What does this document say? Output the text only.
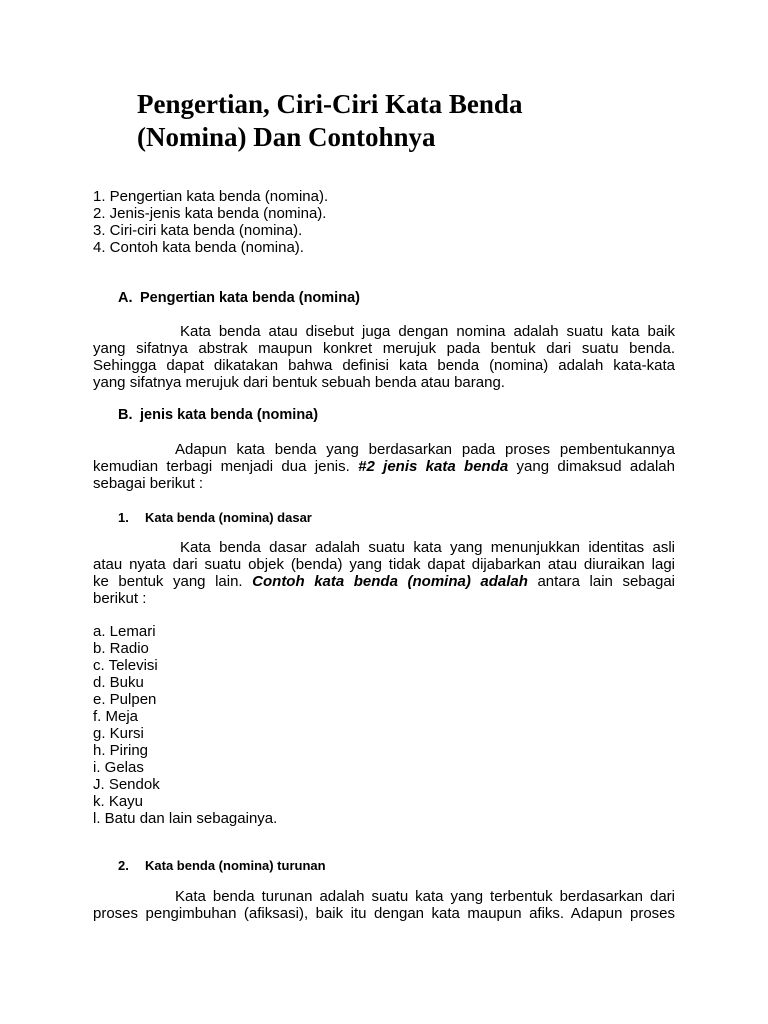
Pengertian, Ciri-Ciri Kata Benda
(Nomina) Dan Contohnya
1. Pengertian kata benda (nomina).
2. Jenis-jenis kata benda (nomina).
3. Ciri-ciri kata benda (nomina).
4. Contoh kata benda (nomina).
A. Pengertian kata benda (nomina)
Kata benda atau disebut juga dengan nomina adalah suatu kata baik
yang sifatnya abstrak maupun konkret merujuk pada bentuk dari suatu benda.
Sehingga dapat dikatakan bahwa definisi kata benda (nomina) adalah kata-kata
yang sifatnya merujuk dari bentuk sebuah benda atau barang.
B. jenis kata benda (nomina)
Adapun kata benda yang berdasarkan pada proses pembentukannya
kemudian terbagi menjadi dua jenis. #2 jenis kata benda yang dimaksud adalah
sebagai berikut :
1. Kata benda (nomina) dasar
Kata benda dasar adalah suatu kata yang menunjukkan identitas asli
atau nyata dari suatu objek (benda) yang tidak dapat dijabarkan atau diuraikan lagi
ke bentuk yang lain. Contoh kata benda (nomina) adalah antara lain sebagai
berikut :
a. Lemari
b. Radio
c. Televisi
d. Buku
e. Pulpen
f. Meja
g. Kursi
h. Piring
i. Gelas
J. Sendok
k. Kayu
l. Batu dan lain sebagainya.
2. Kata benda (nomina) turunan
Kata benda turunan adalah suatu kata yang terbentuk berdasarkan dari
proses pengimbuhan (afiksasi), baik itu dengan kata maupun afiks. Adapun proses
